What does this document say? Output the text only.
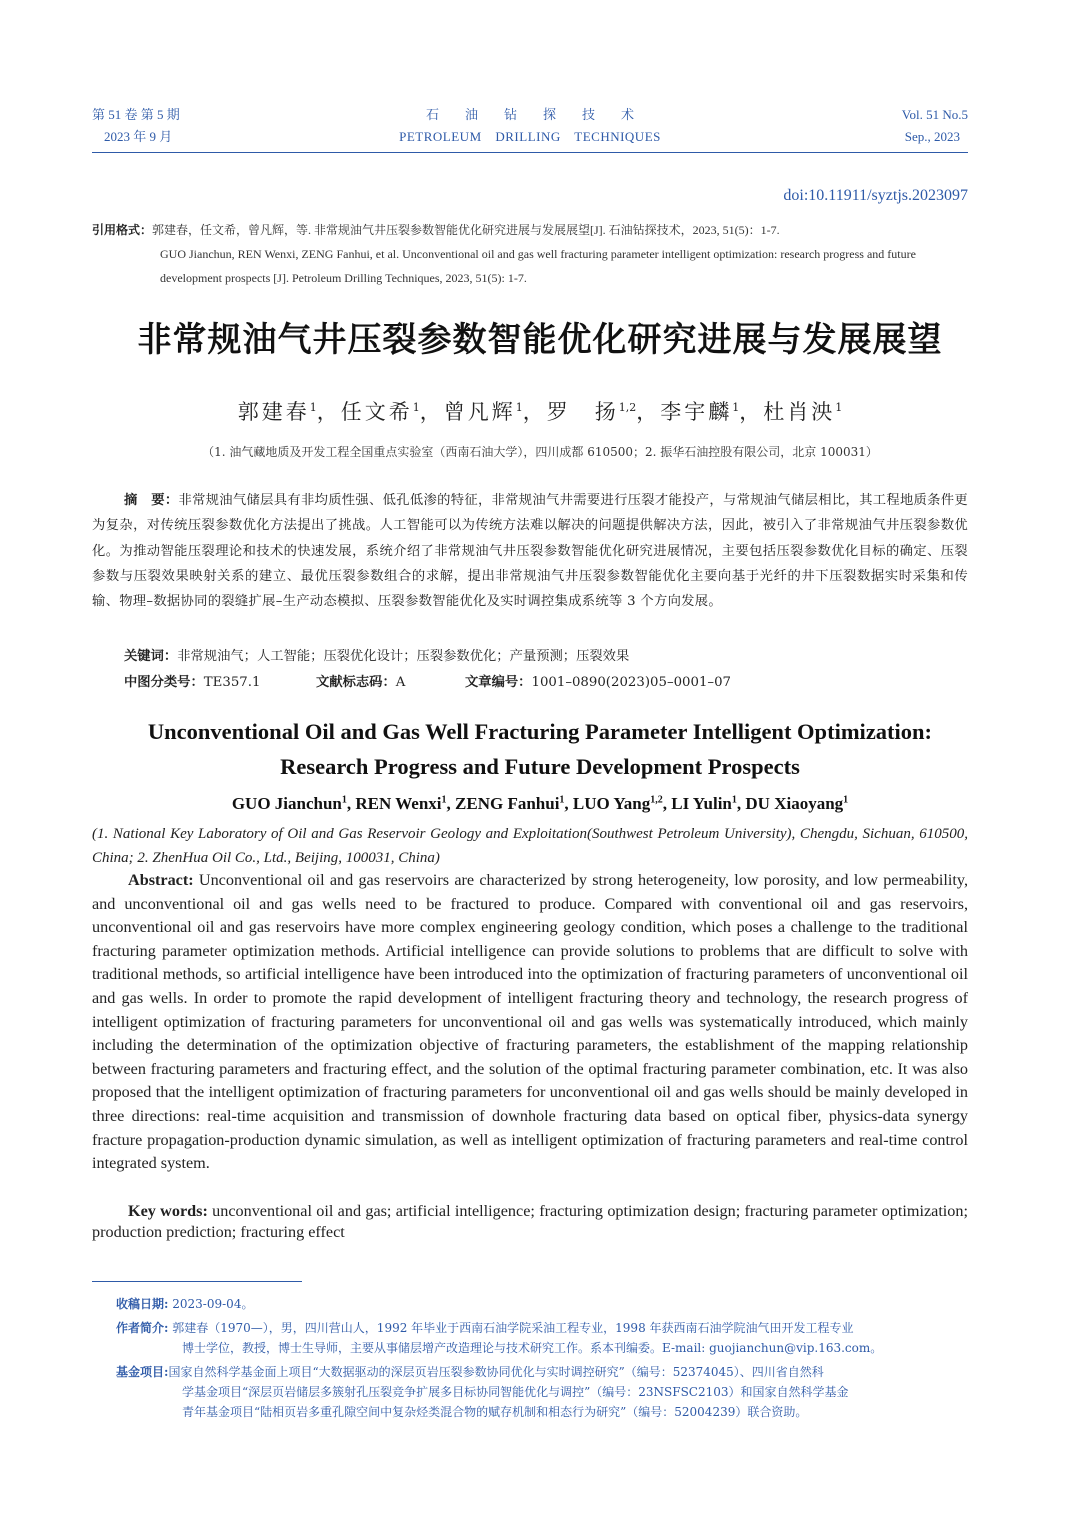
第 51 卷 第 5 期
2023 年 9 月
石油钻探技术
PETROLEUM DRILLING TECHNIQUES
Vol. 51 No.5
Sep., 2023
doi:10.11911/syztjs.2023097
引用格式：郭建春，任文希，曾凡辉，等. 非常规油气井压裂参数智能优化研究进展与发展展望[J]. 石油钻探技术，2023, 51(5)：1-7.
GUO Jianchun, REN Wenxi, ZENG Fanhui, et al. Unconventional oil and gas well fracturing parameter intelligent optimization: research progress and future development prospects [J]. Petroleum Drilling Techniques, 2023, 51(5): 1-7.
非常规油气井压裂参数智能优化研究进展与发展展望
郭建春$^1$，任文希$^1$，曾凡辉$^1$，罗　扬$^{1,2}$，李宇麟$^1$，杜肖泱$^1$
（1. 油气藏地质及开发工程全国重点实验室（西南石油大学），四川成都 610500；2. 振华石油控股有限公司，北京 100031）
摘　要：非常规油气储层具有非均质性强、低孔低渗的特征，非常规油气井需要进行压裂才能投产，与常规油气储层相比，其工程地质条件更为复杂，对传统压裂参数优化方法提出了挑战。人工智能可以为传统方法难以解决的问题提供解决方法，因此，被引入了非常规油气井压裂参数优化。为推动智能压裂理论和技术的快速发展，系统介绍了非常规油气井压裂参数智能优化研究进展情况，主要包括压裂参数优化目标的确定、压裂参数与压裂效果映射关系的建立、最优压裂参数组合的求解，提出非常规油气井压裂参数智能优化主要向基于光纤的井下压裂数据实时采集和传输、物理–数据协同的裂缝扩展–生产动态模拟、压裂参数智能优化及实时调控集成系统等 3 个方向发展。
关键词：非常规油气；人工智能；压裂优化设计；压裂参数优化；产量预测；压裂效果
中图分类号：TE357.1	文献标志码：A	文章编号：1001–0890(2023)05–0001–07
Unconventional Oil and Gas Well Fracturing Parameter Intelligent Optimization:
Research Progress and Future Development Prospects
GUO Jianchun$^1$, REN Wenxi$^1$, ZENG Fanhui$^1$, LUO Yang$^{1,2}$, LI Yulin$^1$, DU Xiaoyang$^1$
(1. National Key Laboratory of Oil and Gas Reservoir Geology and Exploitation(Southwest Petroleum University), Chengdu, Sichuan, 610500, China; 2. ZhenHua Oil Co., Ltd., Beijing, 100031, China)
Abstract: Unconventional oil and gas reservoirs are characterized by strong heterogeneity, low porosity, and low permeability, and unconventional oil and gas wells need to be fractured to produce. Compared with conventional oil and gas reservoirs, unconventional oil and gas reservoirs have more complex engineering geology condition, which poses a challenge to the traditional fracturing parameter optimization methods. Artificial intelligence can provide solutions to problems that are difficult to solve with traditional methods, so artificial intelligence have been introduced into the optimization of fracturing parameters of unconventional oil and gas wells. In order to promote the rapid development of intelligent fracturing theory and technology, the research progress of intelligent optimization of fracturing parameters for unconventional oil and gas wells was systematically introduced, which mainly including the determination of the optimization objective of fracturing parameters, the establishment of the mapping relationship between fracturing parameters and fracturing effect, and the solution of the optimal fracturing parameter combination, etc. It was also proposed that the intelligent optimization of fracturing parameters for unconventional oil and gas wells should be mainly developed in three directions: real-time acquisition and transmission of downhole fracturing data based on optical fiber, physics-data synergy fracture propagation-production dynamic simulation, as well as intelligent optimization of fracturing parameters and real-time control integrated system.
Key words: unconventional oil and gas; artificial intelligence; fracturing optimization design; fracturing parameter optimization; production prediction; fracturing effect
收稿日期: 2023-09-04。
作者简介: 郭建春（1970—），男，四川营山人，1992 年毕业于西南石油学院采油工程专业，1998 年获西南石油学院油气田开发工程专业
博士学位，教授，博士生导师，主要从事储层增产改造理论与技术研究工作。系本刊编委。E-mail: guojianchun@vip.163.com。
基金项目:国家自然科学基金面上项目“大数据驱动的深层页岩压裂参数协同优化与实时调控研究”（编号：52374045）、四川省自然科
学基金项目“深层页岩储层多簇射孔压裂竞争扩展多目标协同智能优化与调控”（编号：23NSFSC2103）和国家自然科学基金
青年基金项目“陆相页岩多重孔隙空间中复杂烃类混合物的赋存机制和相态行为研究”（编号：52004239）联合资助。
